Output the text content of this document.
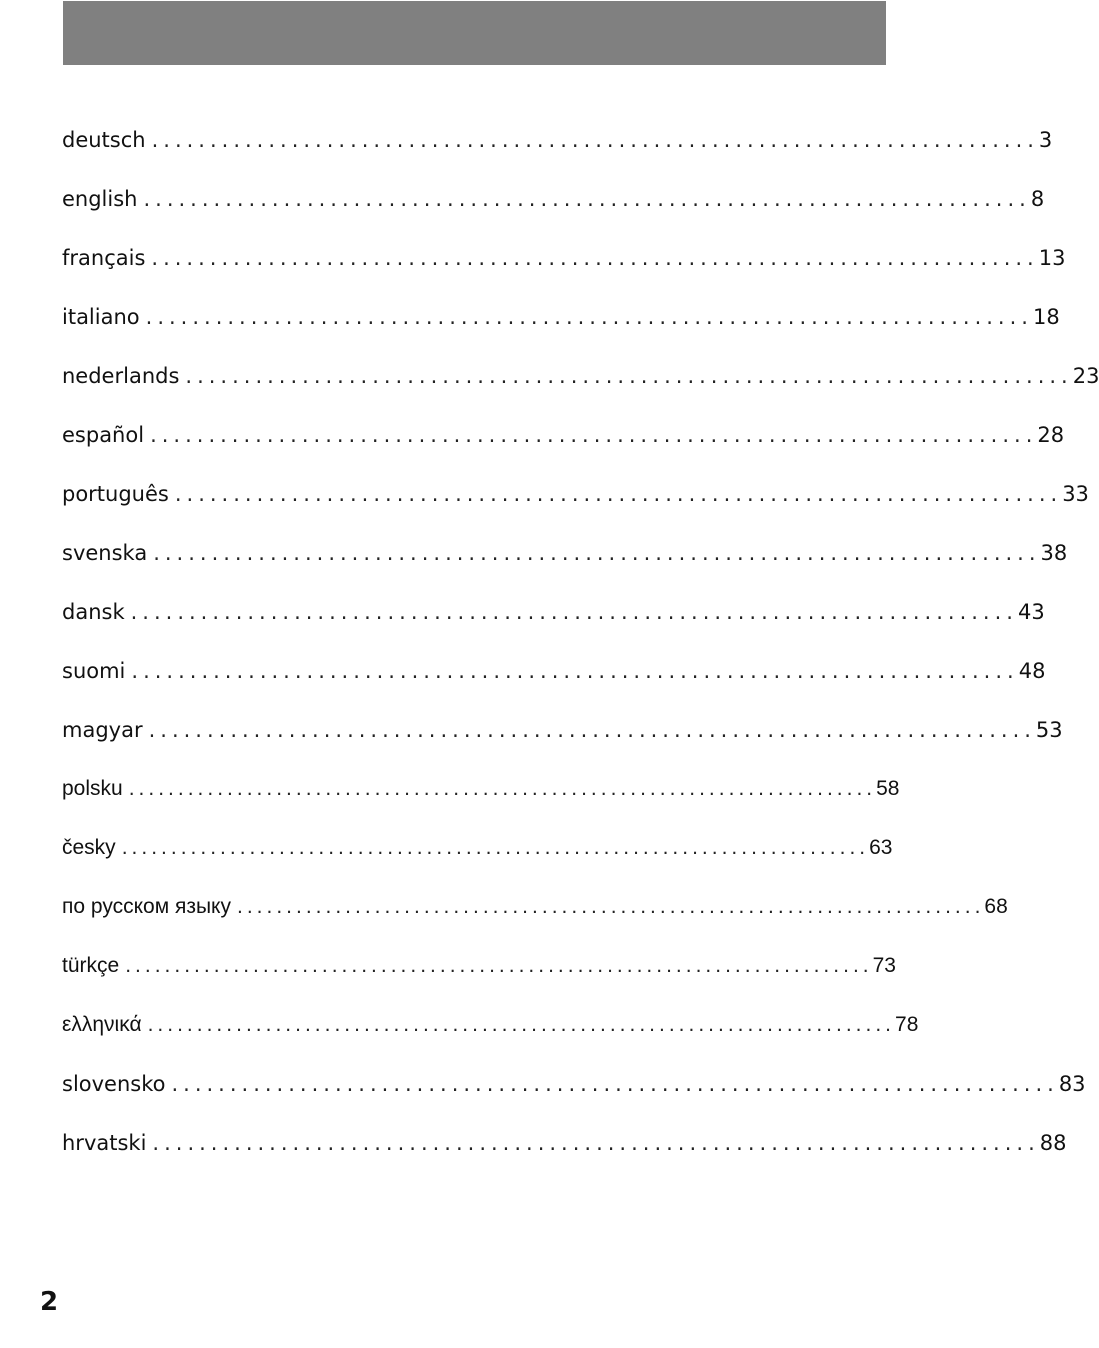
deutsch ............................................................................ 3
english ............................................................................ 8
français ............................................................................ 13
italiano ............................................................................ 18
nederlands ............................................................................ 23
español ............................................................................ 28
português ............................................................................ 33
svenska ............................................................................ 38
dansk ............................................................................ 43
suomi ............................................................................ 48
magyar ............................................................................ 53
polsku ............................................................................ 58
česky ............................................................................ 63
по русском языку ............................................................................ 68
türkçe ............................................................................ 73
ελληνικά ............................................................................ 78
slovensko ............................................................................ 83
hrvatski ............................................................................ 88
2
